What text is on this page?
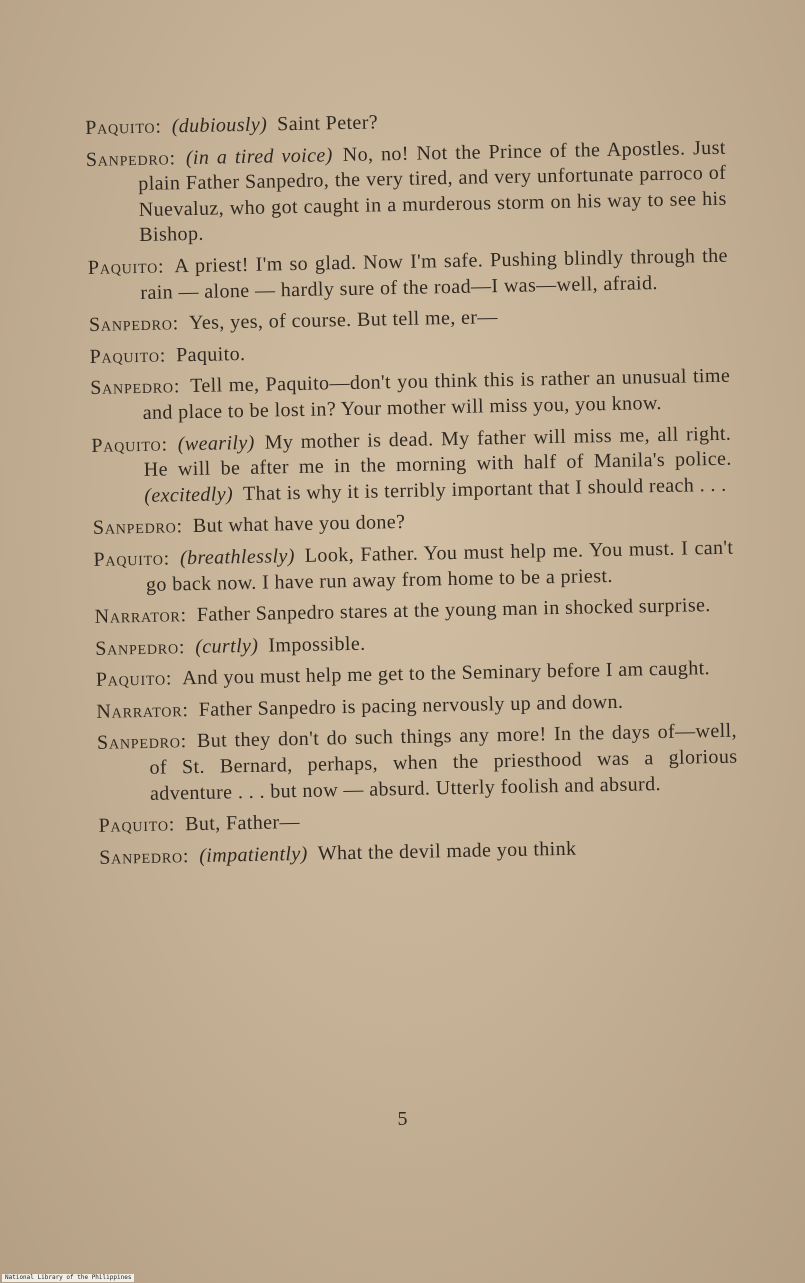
Paquito: (dubiously) Saint Peter?

Sanpedro: (in a tired voice) No, no! Not the Prince of the Apostles. Just plain Father Sanpedro, the very tired, and very unfortunate parroco of Nuevaluz, who got caught in a murderous storm on his way to see his Bishop.

Paquito: A priest! I'm so glad. Now I'm safe. Pushing blindly through the rain — alone — hardly sure of the road—I was—well, afraid.

Sanpedro: Yes, yes, of course. But tell me, er—

Paquito: Paquito.

Sanpedro: Tell me, Paquito—don't you think this is rather an unusual time and place to be lost in? Your mother will miss you, you know.

Paquito: (wearily) My mother is dead. My father will miss me, all right. He will be after me in the morning with half of Manila's police. (excitedly) That is why it is terribly important that I should reach . . .

Sanpedro: But what have you done?

Paquito: (breathlessly) Look, Father. You must help me. You must. I can't go back now. I have run away from home to be a priest.

Narrator: Father Sanpedro stares at the young man in shocked surprise.

Sanpedro: (curtly) Impossible.

Paquito: And you must help me get to the Seminary before I am caught.

Narrator: Father Sanpedro is pacing nervously up and down.

Sanpedro: But they don't do such things any more! In the days of—well, of St. Bernard, perhaps, when the priesthood was a glorious adventure . . . but now — absurd. Utterly foolish and absurd.

Paquito: But, Father—

Sanpedro: (impatiently) What the devil made you think

5
National Library of the Philippines
